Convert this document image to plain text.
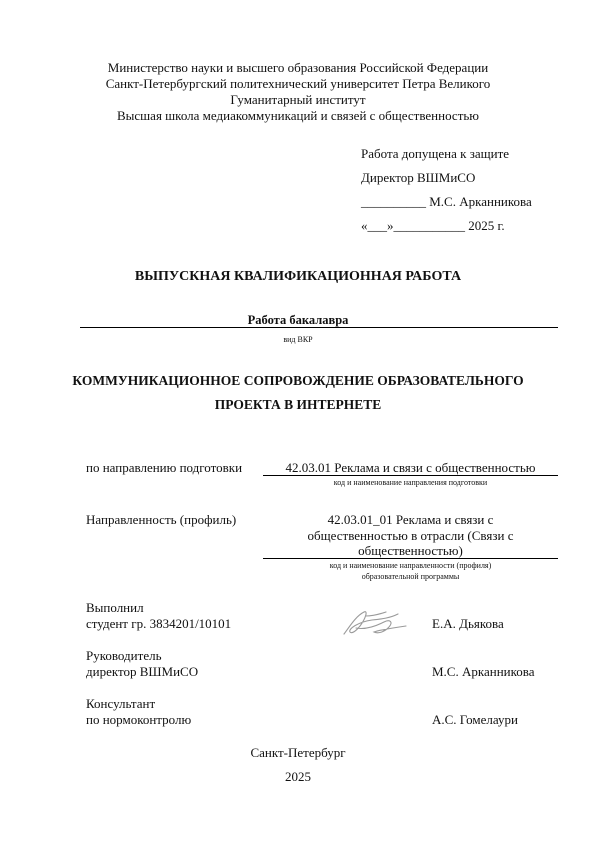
Министерство науки и высшего образования Российской Федерации
Санкт-Петербургский политехнический университет Петра Великого
Гуманитарный институт
Высшая школа медиакоммуникаций и связей с общественностью
Работа допущена к защите
Директор ВШМиСО
__________ М.С. Арканникова
«___»___________ 2025 г.
ВЫПУСКНАЯ КВАЛИФИКАЦИОННАЯ РАБОТА
Работа бакалавра
вид ВКР
КОММУНИКАЦИОННОЕ СОПРОВОЖДЕНИЕ ОБРАЗОВАТЕЛЬНОГО
ПРОЕКТА В ИНТЕРНЕТЕ
по направлению подготовки	42.03.01 Реклама и связи с общественностью
код и наименование направления подготовки
Направленность (профиль)	42.03.01_01 Реклама и связи с
общественностью в отрасли (Связи с
общественностью)
код и наименование направленности (профиля)
образовательной программы
Выполнил
студент гр. 3834201/10101	Е.А. Дьякова
Руководитель
директор ВШМиСО	М.С. Арканникова
Консультант
по нормоконтролю	А.С. Гомелаури
Санкт-Петербург
2025
